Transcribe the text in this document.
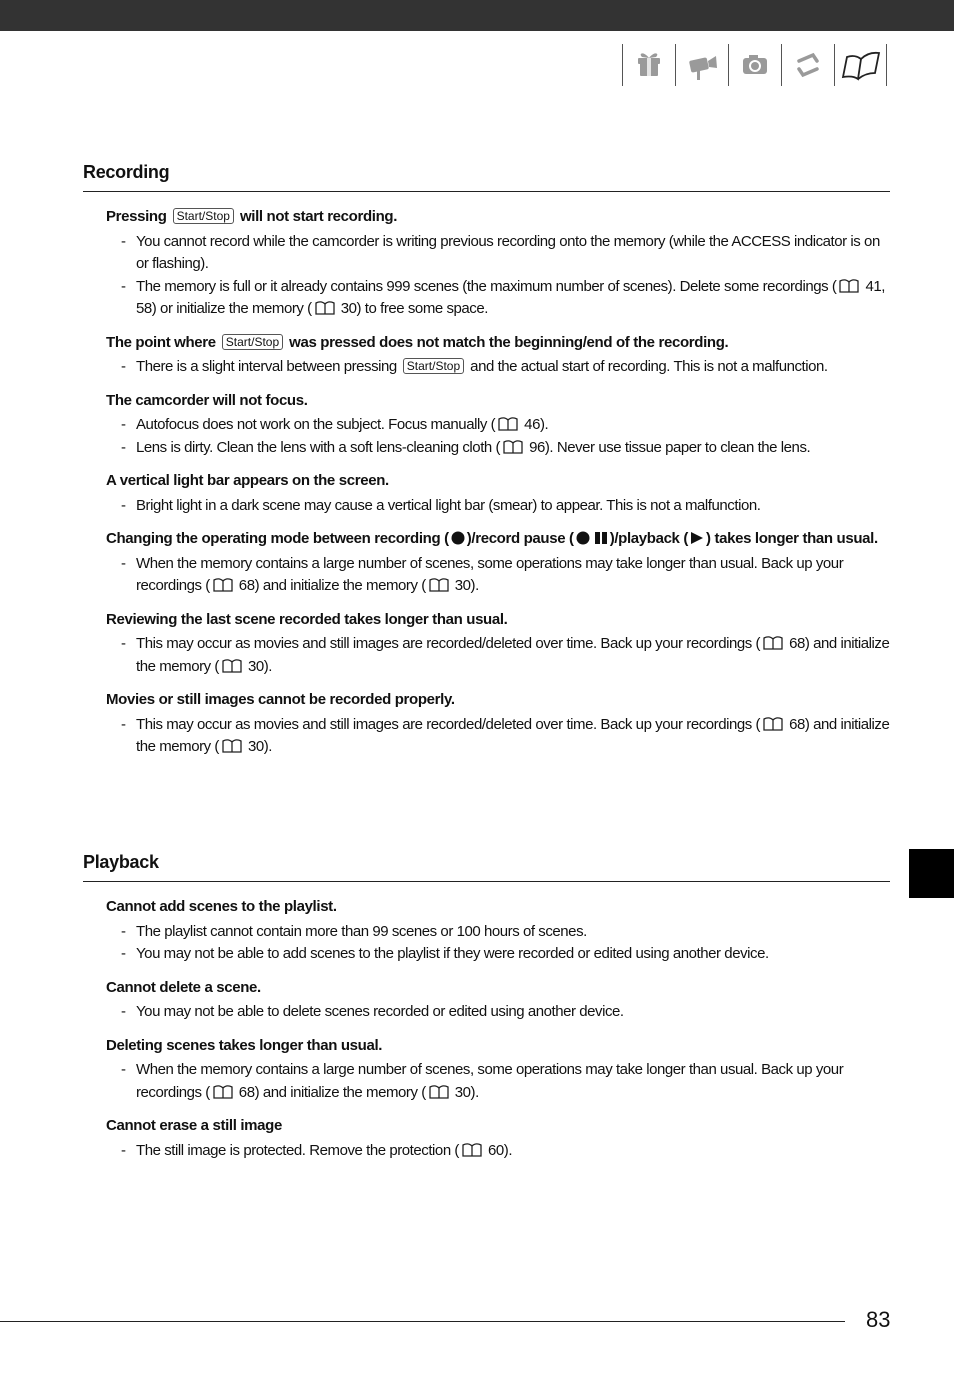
Recording
Pressing Start/Stop will not start recording.
- You cannot record while the camcorder is writing previous recording onto the memory (while the ACCESS indicator is on or flashing).
- The memory is full or it already contains 999 scenes (the maximum number of scenes). Delete some recordings ( 41, 58) or initialize the memory ( 30) to free some space.
The point where Start/Stop was pressed does not match the beginning/end of the recording.
- There is a slight interval between pressing Start/Stop and the actual start of recording. This is not a malfunction.
The camcorder will not focus.
- Autofocus does not work on the subject. Focus manually ( 46).
- Lens is dirty. Clean the lens with a soft lens-cleaning cloth ( 96). Never use tissue paper to clean the lens.
A vertical light bar appears on the screen.
- Bright light in a dark scene may cause a vertical light bar (smear) to appear. This is not a malfunction.
Changing the operating mode between recording ( )/record pause ( )/playback ( ) takes longer than usual.
- When the memory contains a large number of scenes, some operations may take longer than usual. Back up your recordings ( 68) and initialize the memory ( 30).
Reviewing the last scene recorded takes longer than usual.
- This may occur as movies and still images are recorded/deleted over time. Back up your recordings ( 68) and initialize the memory ( 30).
Movies or still images cannot be recorded properly.
- This may occur as movies and still images are recorded/deleted over time. Back up your recordings ( 68) and initialize the memory ( 30).
Playback
Cannot add scenes to the playlist.
- The playlist cannot contain more than 99 scenes or 100 hours of scenes.
- You may not be able to add scenes to the playlist if they were recorded or edited using another device.
Cannot delete a scene.
- You may not be able to delete scenes recorded or edited using another device.
Deleting scenes takes longer than usual.
- When the memory contains a large number of scenes, some operations may take longer than usual. Back up your recordings ( 68) and initialize the memory ( 30).
Cannot erase a still image
- The still image is protected. Remove the protection ( 60).
83
